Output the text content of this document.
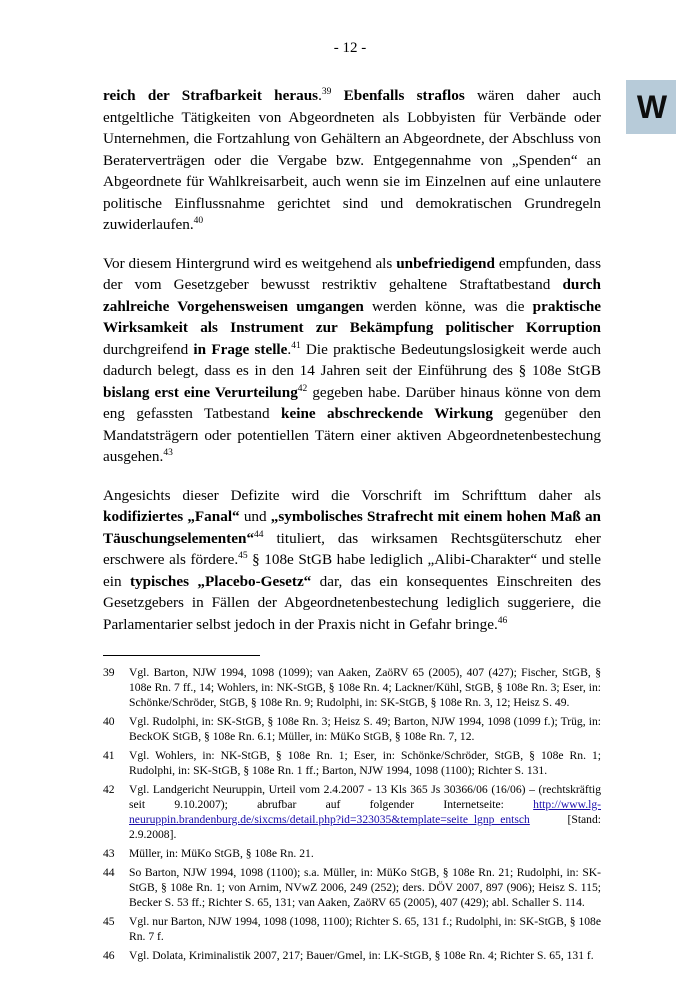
- 12 -
W

reich der Strafbarkeit heraus.$^{39}$ Ebenfalls straflos wären daher auch entgeltliche Tätigkeiten von Abgeordneten als Lobbyisten für Verbände oder Unternehmen, die Fortzahlung von Gehältern an Abgeordnete, der Abschluss von Beraterverträgen oder die Vergabe bzw. Entgegennahme von „Spenden“ an Abgeordnete für Wahlkreisarbeit, auch wenn sie im Einzelnen auf eine unlautere politische Einflussnahme gerichtet sind und demokratischen Grundregeln zuwiderlaufen.$^{40}$

Vor diesem Hintergrund wird es weitgehend als unbefriedigend empfunden, dass der vom Gesetzgeber bewusst restriktiv gehaltene Straftatbestand durch zahlreiche Vorgehensweisen umgangen werden könne, was die praktische Wirksamkeit als Instrument zur Bekämpfung politischer Korruption durchgreifend in Frage stelle.$^{41}$ Die praktische Bedeutungslosigkeit werde auch dadurch belegt, dass es in den 14 Jahren seit der Einführung des § 108e StGB bislang erst eine Verurteilung$^{42}$ gegeben habe. Darüber hinaus könne von dem eng gefassten Tatbestand keine abschreckende Wirkung gegenüber den Mandatsträgern oder potentiellen Tätern einer aktiven Abgeordnetenbestechung ausgehen.$^{43}$

Angesichts dieser Defizite wird die Vorschrift im Schrifttum daher als kodifiziertes „Fanal“ und „symbolisches Strafrecht mit einem hohen Maß an Täuschungselementen“$^{44}$ tituliert, das wirksamen Rechtsgüterschutz eher erschwere als fördere.$^{45}$ § 108e StGB habe lediglich „Alibi-Charakter“ und stelle ein typisches „Placebo-Gesetz“ dar, das ein konsequentes Einschreiten des Gesetzgebers in Fällen der Abgeordnetenbestechung lediglich suggeriere, die Parlamentarier selbst jedoch in der Praxis nicht in Gefahr bringe.$^{46}$

39	Vgl. Barton, NJW 1994, 1098 (1099); van Aaken, ZaöRV 65 (2005), 407 (427); Fischer, StGB, § 108e Rn. 7 ff., 14; Wohlers, in: NK-StGB, § 108e Rn. 4; Lackner/Kühl, StGB, § 108e Rn. 3; Eser, in: Schönke/Schröder, StGB, § 108e Rn. 9; Rudolphi, in: SK-StGB, § 108e Rn. 3, 12; Heisz S. 49.
40	Vgl. Rudolphi, in: SK-StGB, § 108e Rn. 3; Heisz S. 49; Barton, NJW 1994, 1098 (1099 f.); Trüg, in: BeckOK StGB, § 108e Rn. 6.1; Müller, in: MüKo StGB, § 108e Rn. 7, 12.
41	Vgl. Wohlers, in: NK-StGB, § 108e Rn. 1; Eser, in: Schönke/Schröder, StGB, § 108e Rn. 1; Rudolphi, in: SK-StGB, § 108e Rn. 1 ff.; Barton, NJW 1994, 1098 (1100); Richter S. 131.
42	Vgl. Landgericht Neuruppin, Urteil vom 2.4.2007 - 13 Kls 365 Js 30366/06 (16/06) – (rechtskräftig seit 9.10.2007); abrufbar auf folgender Internetseite: http://www.lg-neuruppin.brandenburg.de/sixcms/detail.php?id=323035&template=seite_lgnp_entsch [Stand: 2.9.2008].
43	Müller, in: MüKo StGB, § 108e Rn. 21.
44	So Barton, NJW 1994, 1098 (1100); s.a. Müller, in: MüKo StGB, § 108e Rn. 21; Rudolphi, in: SK-StGB, § 108e Rn. 1; von Arnim, NVwZ 2006, 249 (252); ders. DÖV 2007, 897 (906); Heisz S. 115; Becker S. 53 ff.; Richter S. 65, 131; van Aaken, ZaöRV 65 (2005), 407 (429); abl. Schaller S. 114.
45	Vgl. nur Barton, NJW 1994, 1098 (1098, 1100); Richter S. 65, 131 f.; Rudolphi, in: SK-StGB, § 108e Rn. 7 f.
46	Vgl. Dolata, Kriminalistik 2007, 217; Bauer/Gmel, in: LK-StGB, § 108e Rn. 4; Richter S. 65, 131 f.
